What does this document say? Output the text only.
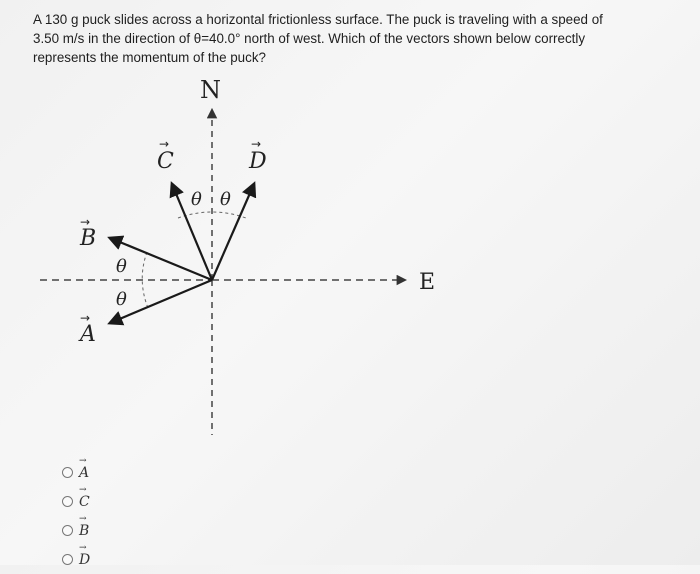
A 130 g puck slides across a horizontal frictionless surface. The puck is traveling with a speed of 3.50 m/s in the direction of θ=40.0° north of west. Which of the vectors shown below correctly represents the momentum of the puck?
N
E
A
→
B
→
C
→
D
→
θ θ
θ
θ
→ A
→ C
→ B
→ D
